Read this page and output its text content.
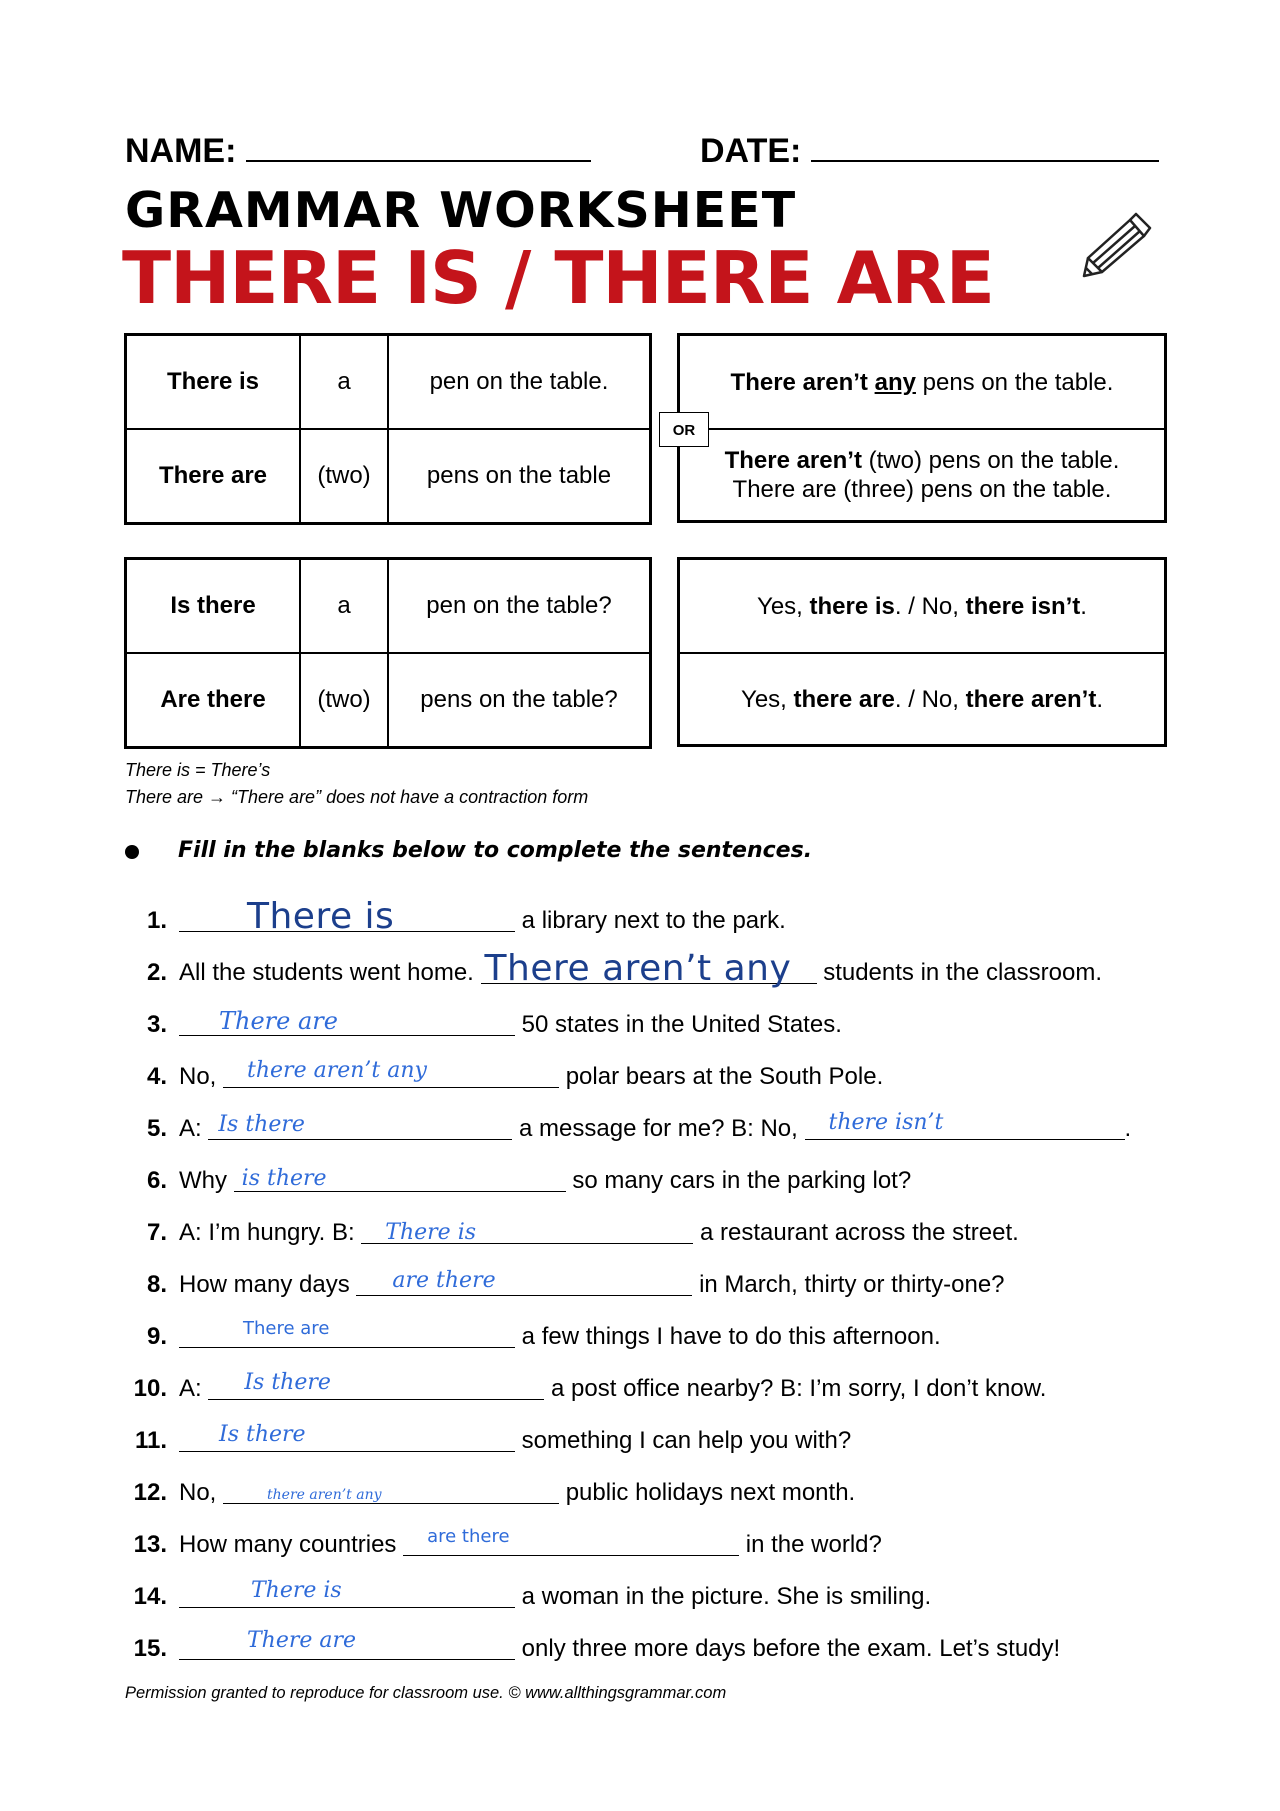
NAME:	DATE:
GRAMMAR WORKSHEET
THERE IS / THERE ARE
There is	a	pen on the table.
There are	(two)	pens on the table
There aren’t any pens on the table.
There aren’t (two) pens on the table.
There are (three) pens on the table.
OR
Is there	a	pen on the table?
Are there	(two)	pens on the table?
Yes, there is. / No, there isn’t.
Yes, there are. / No, there aren’t.
There is = There’s
There are → “There are” does not have a contraction form
Fill in the blanks below to complete the sentences.
1. There is	a library next to the park.
2. All the students went home. There aren’t any students in the classroom.
3. There are	50 states in the United States.
4. No, there aren’t any	polar bears at the South Pole.
5. A: Is there	a message for me? B: No, there isn’t	.
6. Why is there	so many cars in the parking lot?
7. A: I’m hungry. B: There is	a restaurant across the street.
8. How many days are there	in March, thirty or thirty-one?
9.	There are	a few things I have to do this afternoon.
10. A: Is there	a post office nearby? B: I’m sorry, I don’t know.
11. Is there	something I can help you with?
12. No,	there aren’t any	public holidays next month.
13. How many countries are there	in the world?
14.	There is	a woman in the picture. She is smiling.
15.	There are	only three more days before the exam. Let’s study!
Permission granted to reproduce for classroom use. © www.allthingsgrammar.com
